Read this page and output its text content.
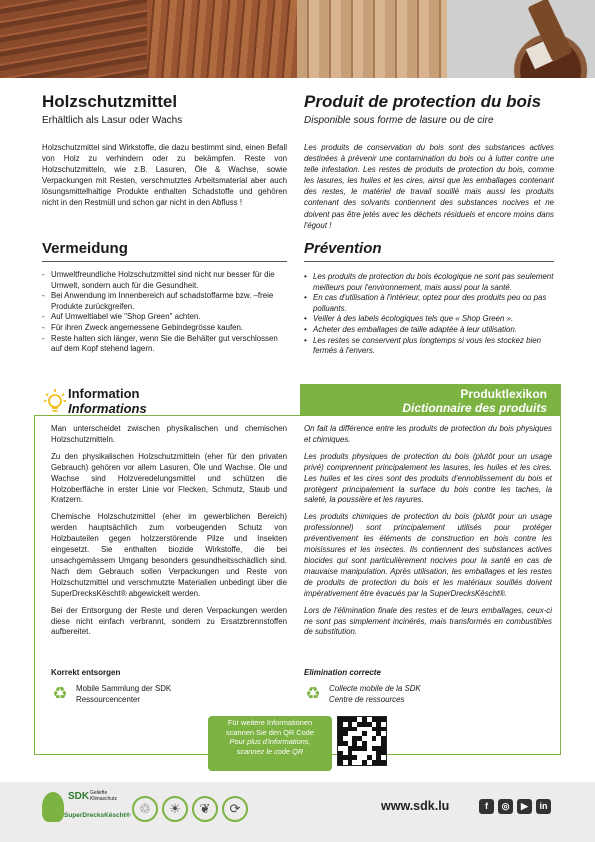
Holzschutzmittel	Produit de protection du bois
Erhältlich als Lasur oder Wachs	Disponible sous forme de lasure ou de cire
Holzschutzmittel sind Wirkstoffe, die dazu bestimmt sind, einen Befall von Holz zu verhindern oder zu bekämpfen. Reste von Holzschutzmitteln, wie z.B. Lasuren, Öle & Wachse, sowie Verpackungen mit Resten, verschmutztes Arbeitsmaterial aber auch lösungsmittelhaltige Produkte enthalten Schadstoffe und gehören nicht in den Restmüll und schon gar nicht in den Abfluss !
Les produits de conservation du bois sont des substances actives destinées à prévenir une contamination du bois ou à lutter contre une telle infestation. Les restes de produits de protection du bois, comme les lasures, les huiles et les cires, ainsi que les emballages contenant des restes, le matériel de travail souillé mais aussi les produits contenant des solvants contiennent des substances nocives et ne doivent pas être jetés avec les déchets résiduels et encore moins dans l'égout !
Vermeidung	Prévention
- Umweltfreundliche Holzschutzmittel sind nicht nur besser für die Umwelt, sondern auch für die Gesundheit.
- Bei Anwendung im Innenbereich auf schadstoffarme bzw. –freie Produkte zurückgreifen.
- Auf Umweltlabel wie "Shop Green" achten.
- Für ihren Zweck angemessene Gebindegrösse kaufen.
- Reste halten sich länger, wenn Sie die Behälter gut verschlossen auf dem Kopf stehend lagern.
• Les produits de protection du bois écologique ne sont pas seulement meilleurs pour l'environnement, mais aussi pour la santé.
• En cas d'utilisation à l'intérieur, optez pour des produits peu ou pas polluants.
• Veiller à des labels écologiques tels que « Shop Green ».
• Acheter des emballages de taille adaptée à leur utilisation.
• Les restes se conservent plus longtemps si vous les stockez bien fermés à l'envers.
Information
Informations
Produktlexikon
Dictionnaire des produits

Man unterscheidet zwischen physikalischen und chemischen Holzschutzmitteln.

Zu den physikalischen Holzschutzmitteln (eher für den privaten Gebrauch) gehören vor allem Lasuren, Öle und Wachse. Öle und Wachse sind Holzveredelungsmittel und schützen die Holzoberfläche in erster Linie vor Flecken, Schmutz, Staub und Kratzern.

Chemische Holzschutzmittel (eher im gewerblichen Bereich) werden hauptsächlich zum vorbeugenden Schutz von Holzbauteilen gegen holzzerstörende Pilze und Insekten eingesetzt. Sie enthalten biozide Wirkstoffe, die bei unsachgemässem Umgang besonders gesundheitsschädlich sind. Nach dem Gebrauch sollen Verpackungen und Reste von Holzschutzmittel und verschmutzte Materialien unbedingt über die SuperDrecksKëscht® abgewickelt werden.

Bei der Entsorgung der Reste und deren Verpackungen werden diese nicht einfach verbrannt, sondern zu Ersatzbrennstoffen aufbereitet.

On fait la différence entre les produits de protection du bois physiques et chimiques.

Les produits physiques de protection du bois (plutôt pour un usage privé) comprennent principalement les lasures, les huiles et les cires. Les huiles et les cires sont des produits d'ennoblissement du bois et protègent principalement la surface du bois contre les taches, la saleté, la poussière et les rayures.

Les produits chimiques de protection du bois (plutôt pour un usage professionnel) sont principalement utilisés pour protéger préventivement les éléments de construction en bois contre les moisissures et les insectes. Ils contiennent des substances actives biocides qui sont particulièrement nocives pour la santé en cas de mauvaise manipulation. Après utilisation, les emballages et les restes de produits de protection du bois et les matériaux souillés doivent impérativement être évacués par la SuperDrecksKëscht®.

Lors de l'élimination finale des restes et de leurs emballages, ceux-ci ne sont pas simplement incinérés, mais transformés en combustibles de substitution.

Korrekt entsorgen
♻ Mobile Sammlung der SDK
Ressourcencenter
Elimination correcte
♻ Collecte mobile de la SDK
Centre de ressources
Für weitere Informationen
scannen Sie den QR Code
Pour plus d'informations,
scannez le code QR
SDK Geliefte Klimaschutz
SuperDrecksKëscht® ♲	☀	❦	⟳	www.sdk.lu	f	◎	▶	in
